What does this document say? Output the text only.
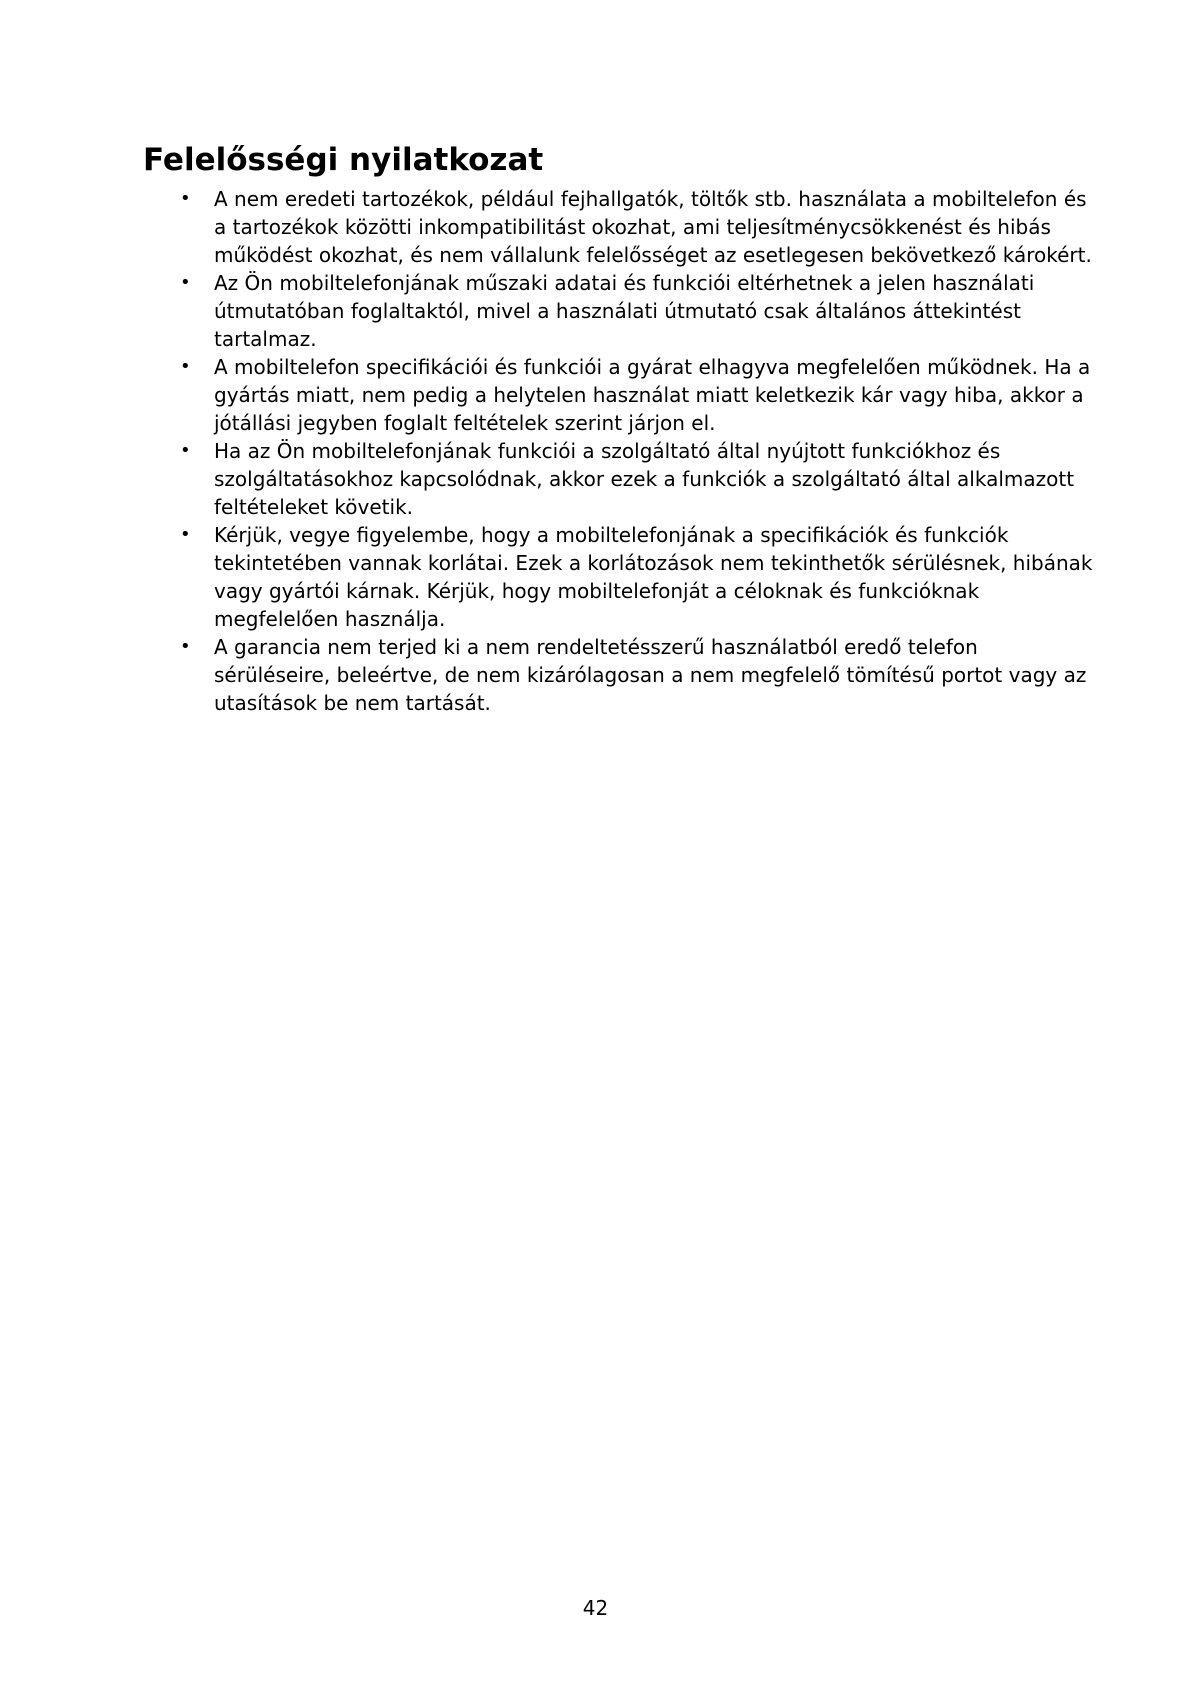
Felelősségi nyilatkozat
• A nem eredeti tartozékok, például fejhallgatók, töltők stb. használata a mobiltelefon és a tartozékok közötti inkompatibilitást okozhat, ami teljesítménycsökkenést és hibás működést okozhat, és nem vállalunk felelősséget az esetlegesen bekövetkező károkért.
• Az Ön mobiltelefonjának műszaki adatai és funkciói eltérhetnek a jelen használati útmutatóban foglaltaktól, mivel a használati útmutató csak általános áttekintést tartalmaz.
• A mobiltelefon specifikációi és funkciói a gyárat elhagyva megfelelően működnek. Ha a gyártás miatt, nem pedig a helytelen használat miatt keletkezik kár vagy hiba, akkor a jótállási jegyben foglalt feltételek szerint járjon el.
• Ha az Ön mobiltelefonjának funkciói a szolgáltató által nyújtott funkciókhoz és szolgáltatásokhoz kapcsolódnak, akkor ezek a funkciók a szolgáltató által alkalmazott feltételeket követik.
• Kérjük, vegye figyelembe, hogy a mobiltelefonjának a specifikációk és funkciók tekintetében vannak korlátai. Ezek a korlátozások nem tekinthetők sérülésnek, hibának vagy gyártói kárnak. Kérjük, hogy mobiltelefonját a céloknak és funkcióknak megfelelően használja.
• A garancia nem terjed ki a nem rendeltetésszerű használatból eredő telefon sérüléseire, beleértve, de nem kizárólagosan a nem megfelelő tömítésű portot vagy az utasítások be nem tartását.
42
